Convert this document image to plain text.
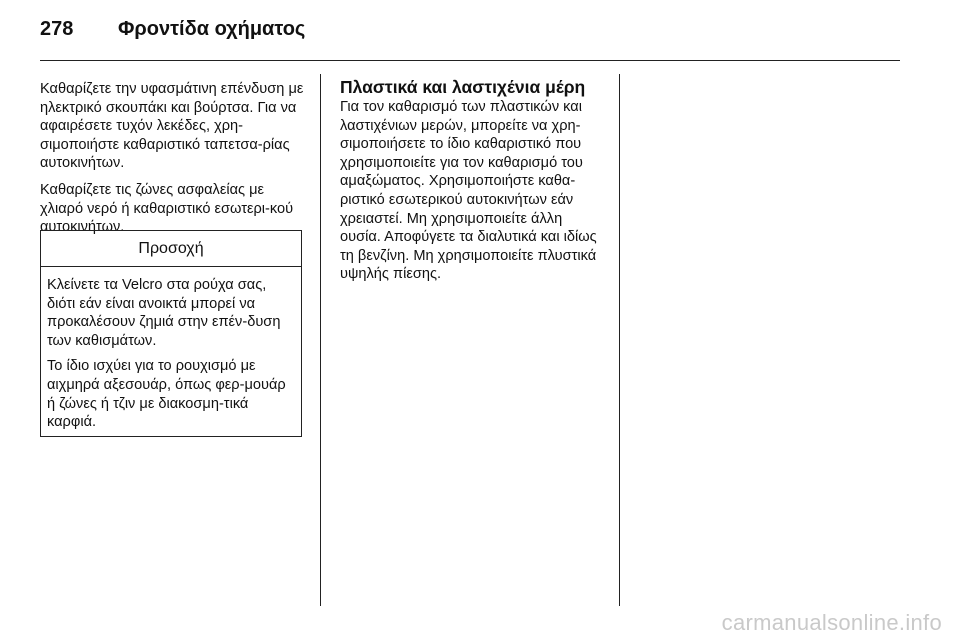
278	Φροντίδα οχήματος

Καθαρίζετε την υφασμάτινη επένδυση με ηλεκτρικό σκουπάκι και βούρτσα. Για να αφαιρέσετε τυχόν λεκέδες, χρη-σιμοποιήστε καθαριστικό ταπετσα-ρίας αυτοκινήτων.

Καθαρίζετε τις ζώνες ασφαλείας με χλιαρό νερό ή καθαριστικό εσωτερι-κού αυτοκινήτων.

Προσοχή

Κλείνετε τα Velcro στα ρούχα σας, διότι εάν είναι ανοικτά μπορεί να προκαλέσουν ζημιά στην επέν-δυση των καθισμάτων.

Το ίδιο ισχύει για το ρουχισμό με αιχμηρά αξεσουάρ, όπως φερ-μουάρ ή ζώνες ή τζιν με διακοσμη-τικά καρφιά.

Πλαστικά και λαστιχένια μέρη

Για τον καθαρισμό των πλαστικών και λαστιχένιων μερών, μπορείτε να χρη-σιμοποιήσετε το ίδιο καθαριστικό που χρησιμοποιείτε για τον καθαρισμό του αμαξώματος. Χρησιμοποιήστε καθα-ριστικό εσωτερικού αυτοκινήτων εάν χρειαστεί. Μη χρησιμοποιείτε άλλη ουσία. Αποφύγετε τα διαλυτικά και ιδίως τη βενζίνη. Μη χρησιμοποιείτε πλυστικά υψηλής πίεσης.

carmanualsonline.info
